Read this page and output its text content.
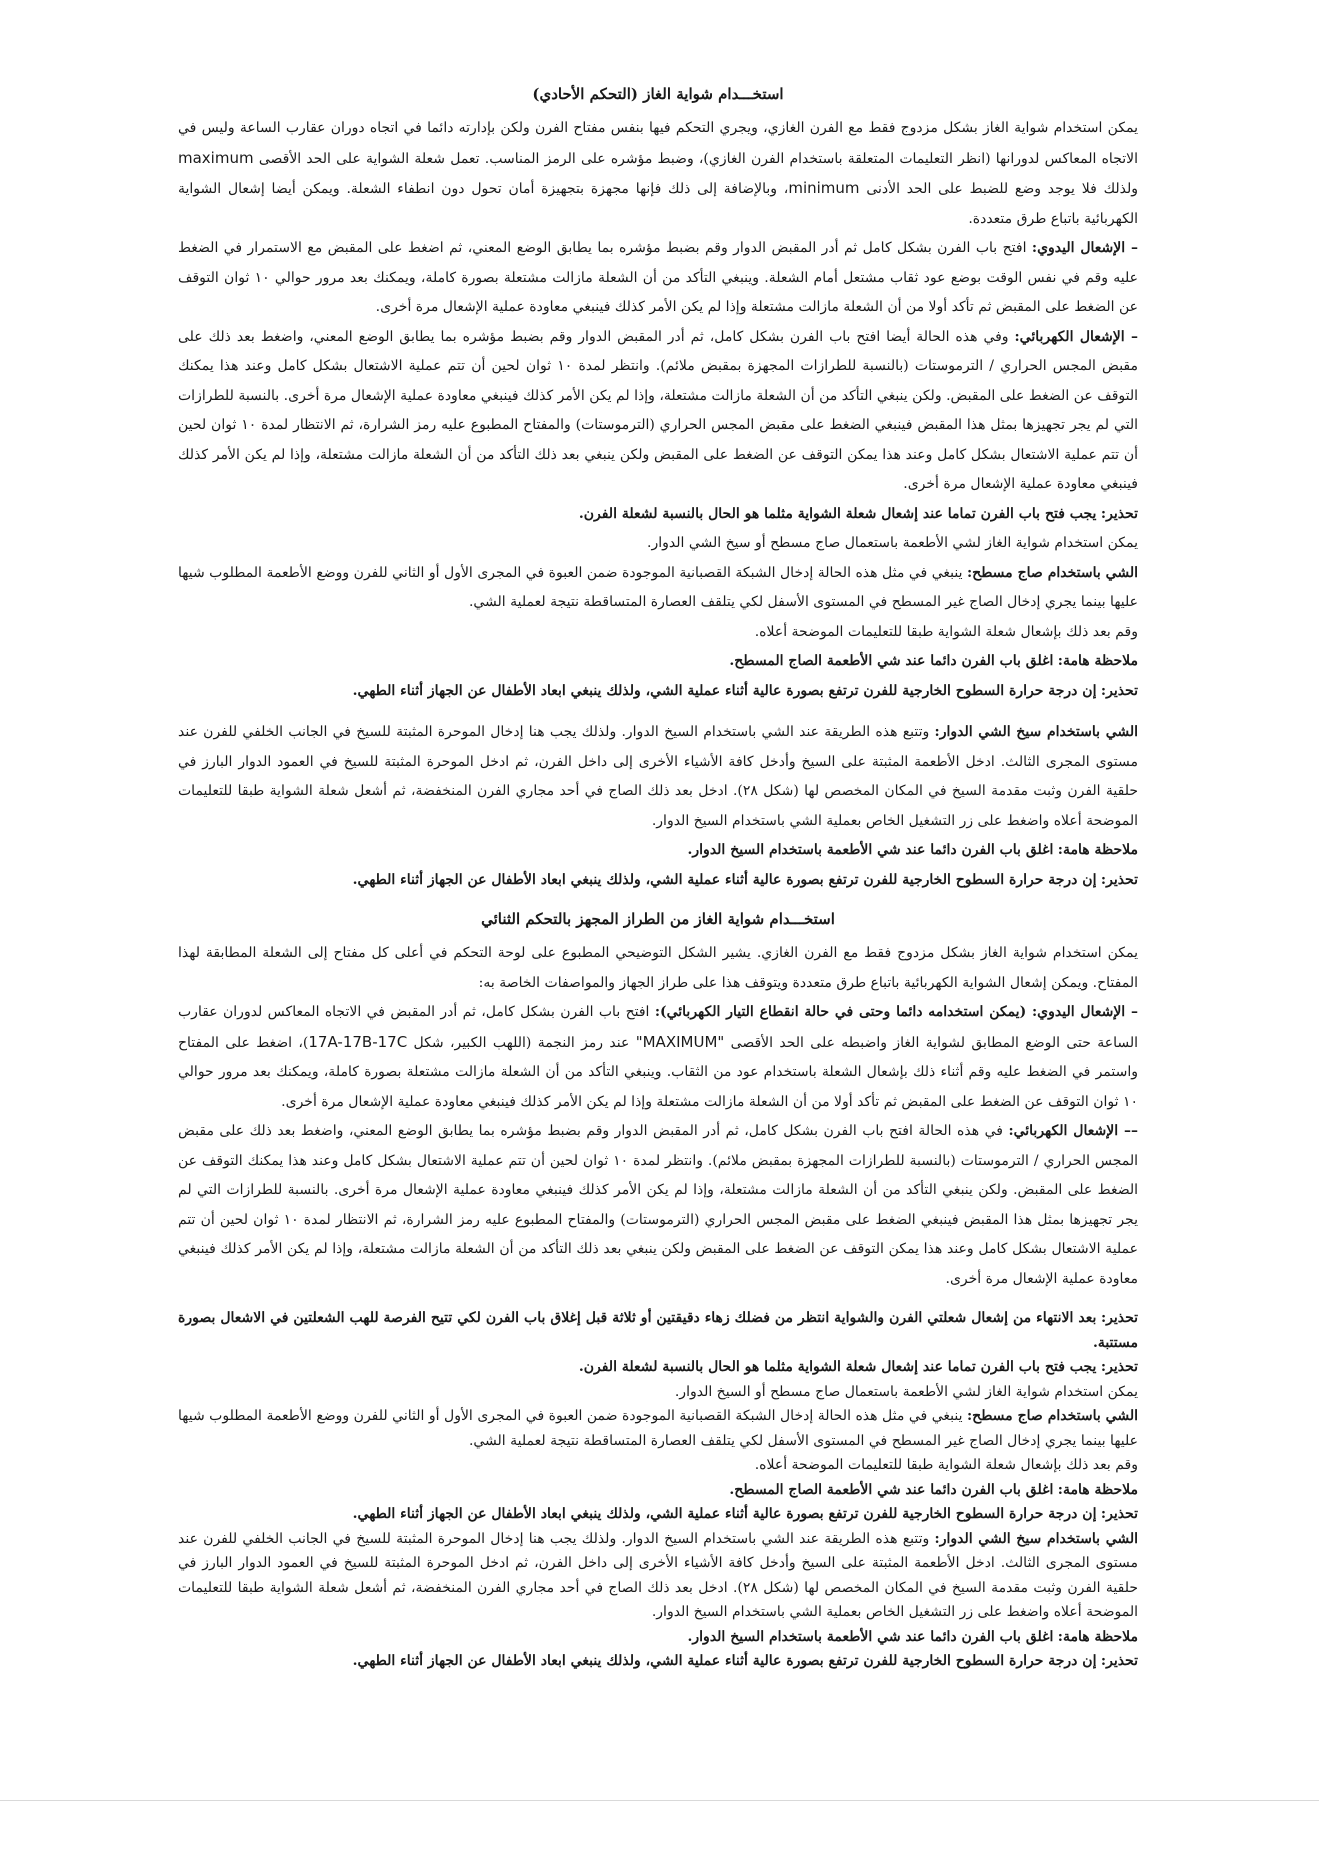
استخـــدام شواية الغاز (التحكم الأحادي)

يمكن استخدام شواية الغاز بشكل مزدوج فقط مع الفرن الغازي، ويجري التحكم فيها بنفس مفتاح الفرن ولكن بإدارته دائما في اتجاه دوران عقارب الساعة وليس في الاتجاه المعاكس لدورانها (انظر التعليمات المتعلقة باستخدام الفرن الغازي)، وضبط مؤشره على الرمز المناسب. تعمل شعلة الشواية على الحد الأقصى maximum ولذلك فلا يوجد وضع للضبط على الحد الأدنى minimum، وبالإضافة إلى ذلك فإنها مجهزة بتجهيزة أمان تحول دون انطفاء الشعلة. ويمكن أيضا إشعال الشواية الكهربائية باتباع طرق متعددة.

– الإشعال اليدوي: افتح باب الفرن بشكل كامل ثم أدر المقبض الدوار وقم بضبط مؤشره بما يطابق الوضع المعني، ثم اضغط على المقبض مع الاستمرار في الضغط عليه وقم في نفس الوقت بوضع عود ثقاب مشتعل أمام الشعلة. وينبغي التأكد من أن الشعلة مازالت مشتعلة بصورة كاملة، ويمكنك بعد مرور حوالي ١٠ ثوان التوقف عن الضغط على المقبض ثم تأكد أولا من أن الشعلة مازالت مشتعلة وإذا لم يكن الأمر كذلك فينبغي معاودة عملية الإشعال مرة أخرى.

– الإشعال الكهربائي: وفي هذه الحالة أيضا افتح باب الفرن بشكل كامل، ثم أدر المقبض الدوار وقم بضبط مؤشره بما يطابق الوضع المعني، واضغط بعد ذلك على مقبض المجس الحراري / الترموستات (بالنسبة للطرازات المجهزة بمقبض ملائم). وانتظر لمدة ١٠ ثوان لحين أن تتم عملية الاشتعال بشكل كامل وعند هذا يمكنك التوقف عن الضغط على المقبض. ولكن ينبغي التأكد من أن الشعلة مازالت مشتعلة، وإذا لم يكن الأمر كذلك فينبغي معاودة عملية الإشعال مرة أخرى. بالنسبة للطرازات التي لم يجر تجهيزها بمثل هذا المقبض فينبغي الضغط على مقبض المجس الحراري (الترموستات) والمفتاح المطبوع عليه رمز الشرارة، ثم الانتظار لمدة ١٠ ثوان لحين أن تتم عملية الاشتعال بشكل كامل وعند هذا يمكن التوقف عن الضغط على المقبض ولكن ينبغي بعد ذلك التأكد من أن الشعلة مازالت مشتعلة، وإذا لم يكن الأمر كذلك فينبغي معاودة عملية الإشعال مرة أخرى.

تحذير: يجب فتح باب الفرن تماما عند إشعال شعلة الشواية مثلما هو الحال بالنسبة لشعلة الفرن.

يمكن استخدام شواية الغاز لشي الأطعمة باستعمال صاج مسطح أو سيخ الشي الدوار.

الشي باستخدام صاج مسطح: ينبغي في مثل هذه الحالة إدخال الشبكة القصبانية الموجودة ضمن العبوة في المجرى الأول أو الثاني للفرن ووضع الأطعمة المطلوب شيها عليها بينما يجري إدخال الصاج غير المسطح في المستوى الأسفل لكي يتلقف العصارة المتساقطة نتيجة لعملية الشي.

وقم بعد ذلك بإشعال شعلة الشواية طبقا للتعليمات الموضحة أعلاه.

ملاحظة هامة: اغلق باب الفرن دائما عند شي الأطعمة الصاج المسطح.

تحذير: إن درجة حرارة السطوح الخارجية للفرن ترتفع بصورة عالية أثناء عملية الشي، ولذلك ينبغي ابعاد الأطفال عن الجهاز أثناء الطهي.

الشي باستخدام سيخ الشي الدوار: وتتبع هذه الطريقة عند الشي باستخدام السيخ الدوار. ولذلك يجب هنا إدخال الموحرة المثبتة للسيخ في الجانب الخلفي للفرن عند مستوى المجرى الثالث. ادخل الأطعمة المثبتة على السيخ وأدخل كافة الأشياء الأخرى إلى داخل الفرن، ثم ادخل الموحرة المثبتة للسيخ في العمود الدوار البارز في حلقية الفرن وثبت مقدمة السيخ في المكان المخصص لها (شكل ٢٨). ادخل بعد ذلك الصاج في أحد مجاري الفرن المنخفضة، ثم أشعل شعلة الشواية طبقا للتعليمات الموضحة أعلاه واضغط على زر التشغيل الخاص بعملية الشي باستخدام السيخ الدوار.

ملاحظة هامة: اغلق باب الفرن دائما عند شي الأطعمة باستخدام السيخ الدوار.

تحذير: إن درجة حرارة السطوح الخارجية للفرن ترتفع بصورة عالية أثناء عملية الشي، ولذلك ينبغي ابعاد الأطفال عن الجهاز أثناء الطهي.

استخـــدام شواية الغاز من الطراز المجهز بالتحكم الثنائي

يمكن استخدام شواية الغاز بشكل مزدوج فقط مع الفرن الغازي. يشير الشكل التوضيحي المطبوع على لوحة التحكم في أعلى كل مفتاح إلى الشعلة المطابقة لهذا المفتاح. ويمكن إشعال الشواية الكهربائية باتباع طرق متعددة ويتوقف هذا على طراز الجهاز والمواصفات الخاصة به:

– الإشعال اليدوي: (يمكن استخدامه دائما وحتى في حالة انقطاع التيار الكهربائي): افتح باب الفرن بشكل كامل، ثم أدر المقبض في الاتجاه المعاكس لدوران عقارب الساعة حتى الوضع المطابق لشواية الغاز واضبطه على الحد الأقصى "MAXIMUM" عند رمز النجمة (اللهب الكبير، شكل 17A-17B-17C)، اضغط على المفتاح واستمر في الضغط عليه وقم أثناء ذلك بإشعال الشعلة باستخدام عود من الثقاب. وينبغي التأكد من أن الشعلة مازالت مشتعلة بصورة كاملة، ويمكنك بعد مرور حوالي ١٠ ثوان التوقف عن الضغط على المقبض ثم تأكد أولا من أن الشعلة مازالت مشتعلة وإذا لم يكن الأمر كذلك فينبغي معاودة عملية الإشعال مرة أخرى.

–– الإشعال الكهربائي: في هذه الحالة افتح باب الفرن بشكل كامل، ثم أدر المقبض الدوار وقم بضبط مؤشره بما يطابق الوضع المعني، واضغط بعد ذلك على مقبض المجس الحراري / الترموستات (بالنسبة للطرازات المجهزة بمقبض ملائم). وانتظر لمدة ١٠ ثوان لحين أن تتم عملية الاشتعال بشكل كامل وعند هذا يمكنك التوقف عن الضغط على المقبض. ولكن ينبغي التأكد من أن الشعلة مازالت مشتعلة، وإذا لم يكن الأمر كذلك فينبغي معاودة عملية الإشعال مرة أخرى. بالنسبة للطرازات التي لم يجر تجهيزها بمثل هذا المقبض فينبغي الضغط على مقبض المجس الحراري (الترموستات) والمفتاح المطبوع عليه رمز الشرارة، ثم الانتظار لمدة ١٠ ثوان لحين أن تتم عملية الاشتعال بشكل كامل وعند هذا يمكن التوقف عن الضغط على المقبض ولكن ينبغي بعد ذلك التأكد من أن الشعلة مازالت مشتعلة، وإذا لم يكن الأمر كذلك فينبغي معاودة عملية الإشعال مرة أخرى.

تحذير: بعد الانتهاء من إشعال شعلتي الفرن والشواية انتظر من فضلك زهاء دقيقتين أو ثلاثة قبل إغلاق باب الفرن لكي تتيح الفرصة للهب الشعلتين في الاشعال بصورة مستتبة.

تحذير: يجب فتح باب الفرن تماما عند إشعال شعلة الشواية مثلما هو الحال بالنسبة لشعلة الفرن.

يمكن استخدام شواية الغاز لشي الأطعمة باستعمال صاج مسطح أو السيخ الدوار.

الشي باستخدام صاج مسطح: ينبغي في مثل هذه الحالة إدخال الشبكة القصبانية الموجودة ضمن العبوة في المجرى الأول أو الثاني للفرن ووضع الأطعمة المطلوب شيها عليها بينما يجري إدخال الصاج غير المسطح في المستوى الأسفل لكي يتلقف العصارة المتساقطة نتيجة لعملية الشي.

وقم بعد ذلك بإشعال شعلة الشواية طبقا للتعليمات الموضحة أعلاه.

ملاحظة هامة: اغلق باب الفرن دائما عند شي الأطعمة الصاج المسطح.

تحذير: إن درجة حرارة السطوح الخارجية للفرن ترتفع بصورة عالية أثناء عملية الشي، ولذلك ينبغي ابعاد الأطفال عن الجهاز أثناء الطهي.

الشي باستخدام سيخ الشي الدوار: وتتبع هذه الطريقة عند الشي باستخدام السيخ الدوار. ولذلك يجب هنا إدخال الموحرة المثبتة للسيخ في الجانب الخلفي للفرن عند مستوى المجرى الثالث. ادخل الأطعمة المثبتة على السيخ وأدخل كافة الأشياء الأخرى إلى داخل الفرن، ثم ادخل الموحرة المثبتة للسيخ في العمود الدوار البارز في حلقية الفرن وثبت مقدمة السيخ في المكان المخصص لها (شكل ٢٨). ادخل بعد ذلك الصاج في أحد مجاري الفرن المنخفضة، ثم أشعل شعلة الشواية طبقا للتعليمات الموضحة أعلاه واضغط على زر التشغيل الخاص بعملية الشي باستخدام السيخ الدوار.

ملاحظة هامة: اغلق باب الفرن دائما عند شي الأطعمة باستخدام السيخ الدوار.

تحذير: إن درجة حرارة السطوح الخارجية للفرن ترتفع بصورة عالية أثناء عملية الشي، ولذلك ينبغي ابعاد الأطفال عن الجهاز أثناء الطهي.
